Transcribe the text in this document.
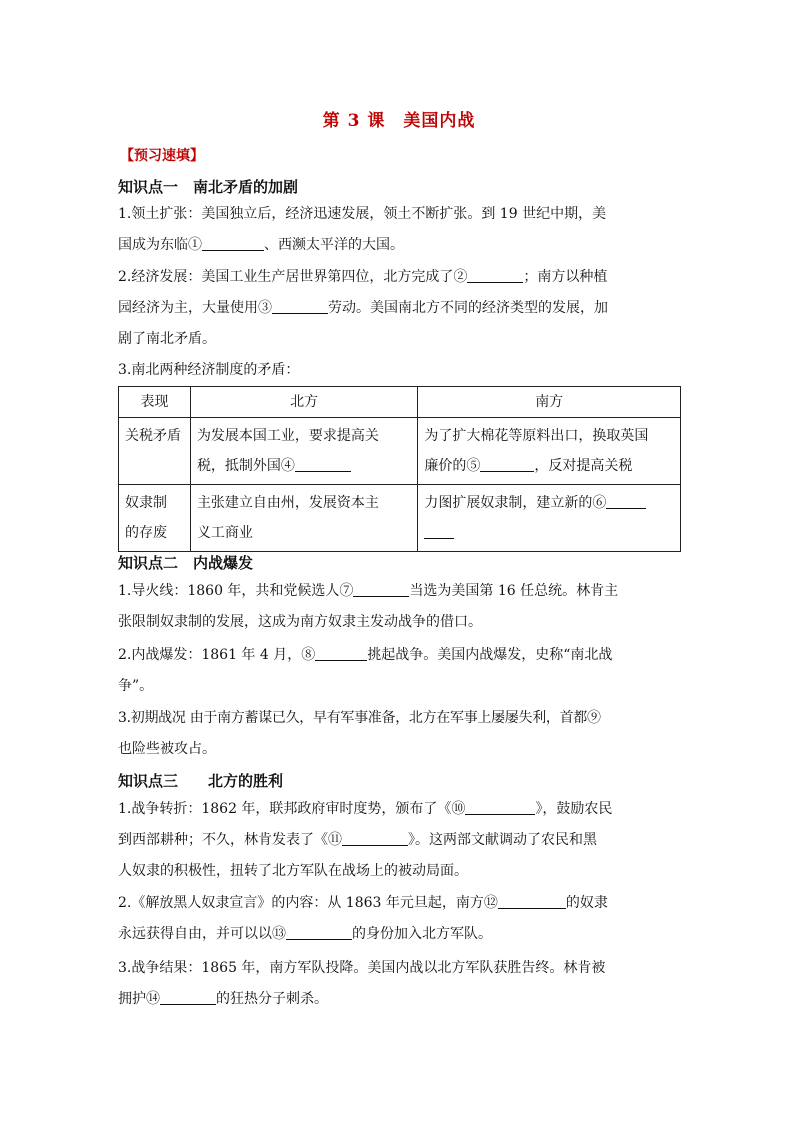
第 3 课　美国内战
【预习速填】
知识点一　南北矛盾的加剧
1.领土扩张：美国独立后，经济迅速发展，领土不断扩张。到 19 世纪中期，美
国成为东临①	、西濒太平洋的大国。
2.经济发展：美国工业生产居世界第四位，北方完成了②	；南方以种植
园经济为主，大量使用③	劳动。美国南北方不同的经济类型的发展，加
剧了南北矛盾。
3.南北两种经济制度的矛盾：
表现	北方	南方
关税矛盾	为发展本国工业，要求提高关
税，抵制外国④	为了扩大棉花等原料出口，换取英国
廉价的⑤ ，反对提高关税
奴隶制
的存废	主张建立自由州，发展资本主
义工商业	力图扩展奴隶制，建立新的⑥

知识点二　内战爆发
1.导火线：1860 年，共和党候选人⑦	当选为美国第 16 任总统。林肯主
张限制奴隶制的发展，这成为南方奴隶主发动战争的借口。
2.内战爆发：1861 年 4 月，⑧	挑起战争。美国内战爆发，史称“南北战
争”。
3.初期战况 由于南方蓄谋已久，早有军事准备，北方在军事上屡屡失利，首都⑨
也险些被攻占。
知识点三　　北方的胜利
1.战争转折：1862 年，联邦政府审时度势，颁布了《⑩	》，鼓励农民
到西部耕种；不久，林肯发表了《⑪	》。这两部文献调动了农民和黑
人奴隶的积极性，扭转了北方军队在战场上的被动局面。
2.《解放黑人奴隶宣言》的内容：从 1863 年元旦起，南方⑫	的奴隶
永远获得自由，并可以以⑬	的身份加入北方军队。
3.战争结果：1865 年，南方军队投降。美国内战以北方军队获胜告终。林肯被
拥护⑭	的狂热分子刺杀。
